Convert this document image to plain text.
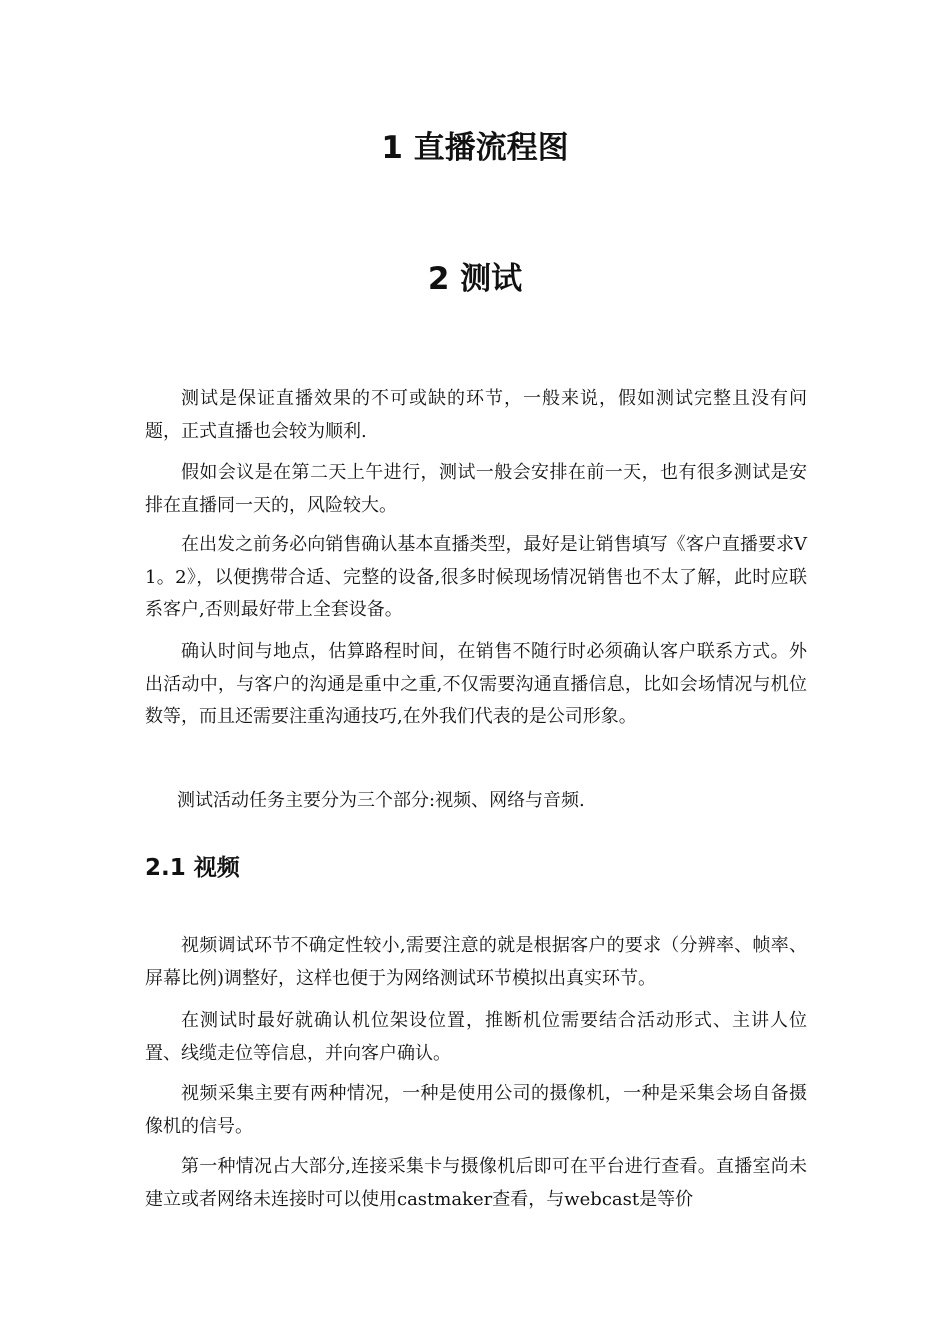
1 直播流程图
2 测试

测试是保证直播效果的不可或缺的环节，一般来说，假如测试完整且没有问题，正式直播也会较为顺利.

假如会议是在第二天上午进行，测试一般会安排在前一天，也有很多测试是安排在直播同一天的，风险较大。

在出发之前务必向销售确认基本直播类型，最好是让销售填写《客户直播要求V1。2》，以便携带合适、完整的设备,很多时候现场情况销售也不太了解，此时应联系客户,否则最好带上全套设备。

确认时间与地点，估算路程时间，在销售不随行时必须确认客户联系方式。外出活动中，与客户的沟通是重中之重,不仅需要沟通直播信息，比如会场情况与机位数等，而且还需要注重沟通技巧,在外我们代表的是公司形象。

测试活动任务主要分为三个部分:视频、网络与音频.

2.1 视频

视频调试环节不确定性较小,需要注意的就是根据客户的要求（分辨率、帧率、屏幕比例)调整好，这样也便于为网络测试环节模拟出真实环节。

在测试时最好就确认机位架设位置，推断机位需要结合活动形式、主讲人位置、线缆走位等信息，并向客户确认。

视频采集主要有两种情况，一种是使用公司的摄像机，一种是采集会场自备摄像机的信号。

第一种情况占大部分,连接采集卡与摄像机后即可在平台进行查看。直播室尚未建立或者网络未连接时可以使用castmaker查看，与webcast是等价
